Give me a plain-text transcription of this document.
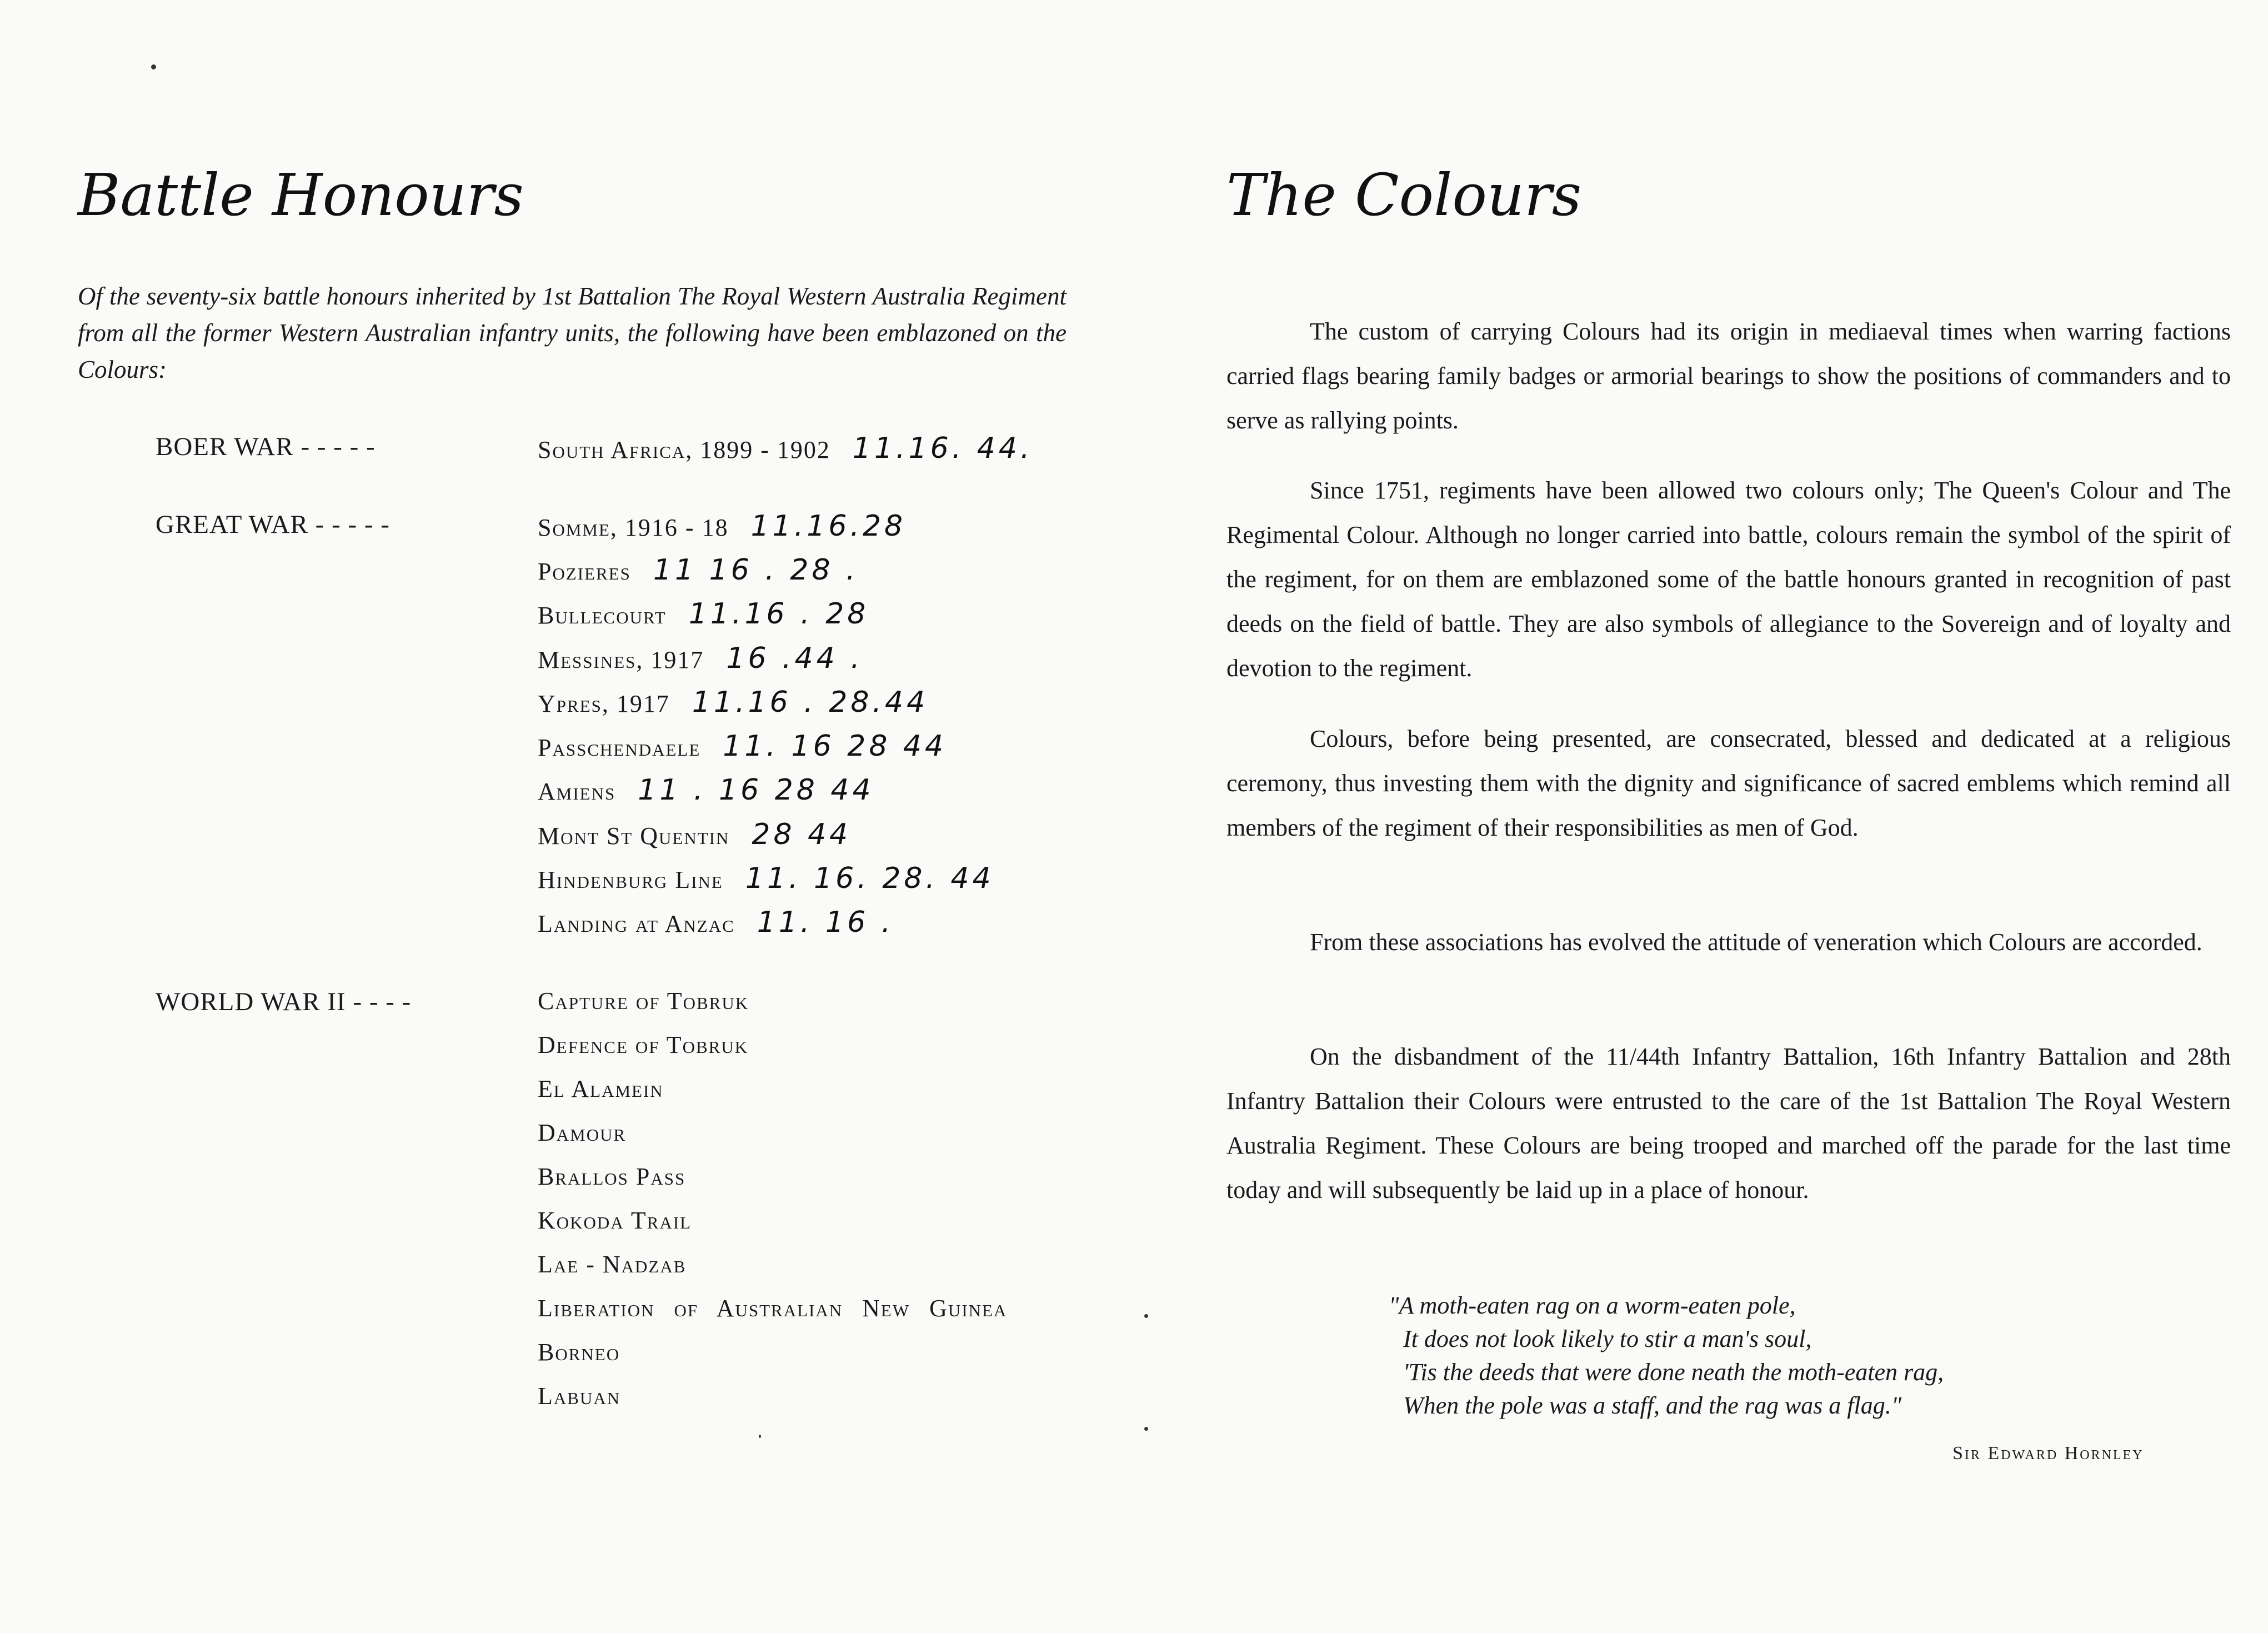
Battle Honours
Of the seventy-six battle honours inherited by 1st Battalion The Royal Western Australia Regiment from all the former Western Australian infantry units, the following have been emblazoned on the Colours:
BOER WAR - - - - -	South Africa, 1899 - 1902 11.16. 44.
GREAT WAR - - - - -	Somme, 1916 - 18 11.16.28
Pozieres 11 16 . 28 .
Bullecourt 11.16 . 28
Messines, 1917 16 .44 .
Ypres, 1917 11.16 . 28.44
Passchendaele 11. 16 28 44
Amiens 11 . 16 28 44
Mont St Quentin 28 44
Hindenburg Line 11. 16. 28. 44
Landing at Anzac 11. 16 .
WORLD WAR II - - - -	Capture of Tobruk
Defence of Tobruk
El Alamein
Damour
Brallos Pass
Kokoda Trail
Lae - Nadzab
Liberation of Australian New Guinea
Borneo
Labuan
The Colours
The custom of carrying Colours had its origin in mediaeval times when warring factions carried flags bearing family badges or armorial bearings to show the positions of commanders and to serve as rallying points.
Since 1751, regiments have been allowed two colours only; The Queen's Colour and The Regimental Colour. Although no longer carried into battle, colours remain the symbol of the spirit of the regiment, for on them are emblazoned some of the battle honours granted in recognition of past deeds on the field of battle. They are also symbols of allegiance to the Sovereign and of loyalty and devotion to the regiment.
Colours, before being presented, are consecrated, blessed and dedicated at a religious ceremony, thus investing them with the dignity and significance of sacred emblems which remind all members of the regiment of their responsibilities as men of God.
From these associations has evolved the attitude of veneration which Colours are accorded.
On the disbandment of the 11/44th Infantry Battalion, 16th Infantry Battalion and 28th Infantry Battalion their Colours were entrusted to the care of the 1st Battalion The Royal Western Australia Regiment. These Colours are being trooped and marched off the parade for the last time today and will subsequently be laid up in a place of honour.
"A moth-eaten rag on a worm-eaten pole,
It does not look likely to stir a man's soul,
'Tis the deeds that were done neath the moth-eaten rag,
When the pole was a staff, and the rag was a flag."
Sir Edward Hornley
